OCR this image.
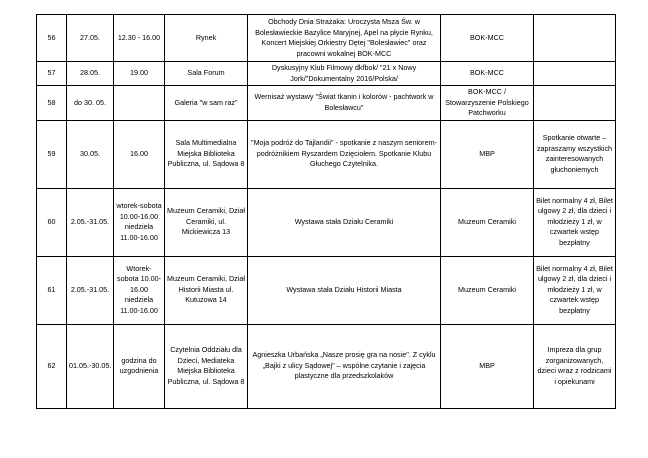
56	27.05.	12.30 - 16.00	Rynek	Obchody Dnia Strażaka: Uroczysta Msza Św. w Bolesławieckie Bazylice Maryjnej, Apel na płycie Rynku, Koncert Miejskiej Orkiestry Dętej "Bolesławiec" oraz pracowni wokalnej BOK-MCC	BOK-MCC	
57	28.05.	19.00	Sala Forum	Dyskusyjny Klub Filmowy dkfbok/ "21 x Nowy Jork/"Dokumentalny 2016/Polska/	BOK-MCC	
58	do 30. 05.		Galeria "w sam raz"	Wernisaż wystawy "Świat tkanin i kolorów - pachtwork w Bolesławcu"	BOK-MCC / Stowarzyszenie Polskiego Patchworku	
59	30.05.	16.00	Sala Multimedialna Miejska Biblioteka Publiczna, ul. Sądowa 8	"Moja podróż do Tajlandii" - spotkanie z naszym seniorem-podróżnikiem Ryszardem Dzięciołem. Spotkanie Klubu Głuchego Czytelnika.	MBP	Spotkanie otwarte – zapraszamy wszystkich zainteresowanych głuchoniemych
60	2.05.-31.05.	wtorek-sobota 10.00-16.00 niedziela 11.00-16.00	Muzeum Ceramiki, Dział Ceramiki, ul. Mickiewicza 13	Wystawa stała Działu Ceramiki	Muzeum Ceramiki	Bilet normalny 4 zł, Bilet ulgowy 2 zł, dla dzieci i młodzieży 1 zł, w czwartek wstęp bezpłatny
61	2.05.-31.05.	Wtorek-sobota 10.00-16.00 niedziela 11.00-16.00	Muzeum Ceramiki, Dział Historii Miasta ul. Kutuzowa 14	Wystawa stała Działu Historii Miasta	Muzeum Ceramiki	Bilet normalny 4 zł, Bilet ulgowy 2 zł, dla dzieci i młodzieży 1 zł, w czwartek wstęp bezpłatny
62	01.05.-30.05.	godzina do uzgodnienia	Czytelnia Oddziału dla Dzieci, Mediateka Miejska Biblioteka Publiczna, ul. Sądowa 8	Agnieszka Urbańska „Nasze prosię gra na nosie". Z cyklu „Bajki z ulicy Sądowej" – wspólne czytanie i zajęcia plastyczne dla przedszkolaków	MBP	Impreza dla grup zorganizowanych, dzieci wraz z rodzicami i opiekunami
